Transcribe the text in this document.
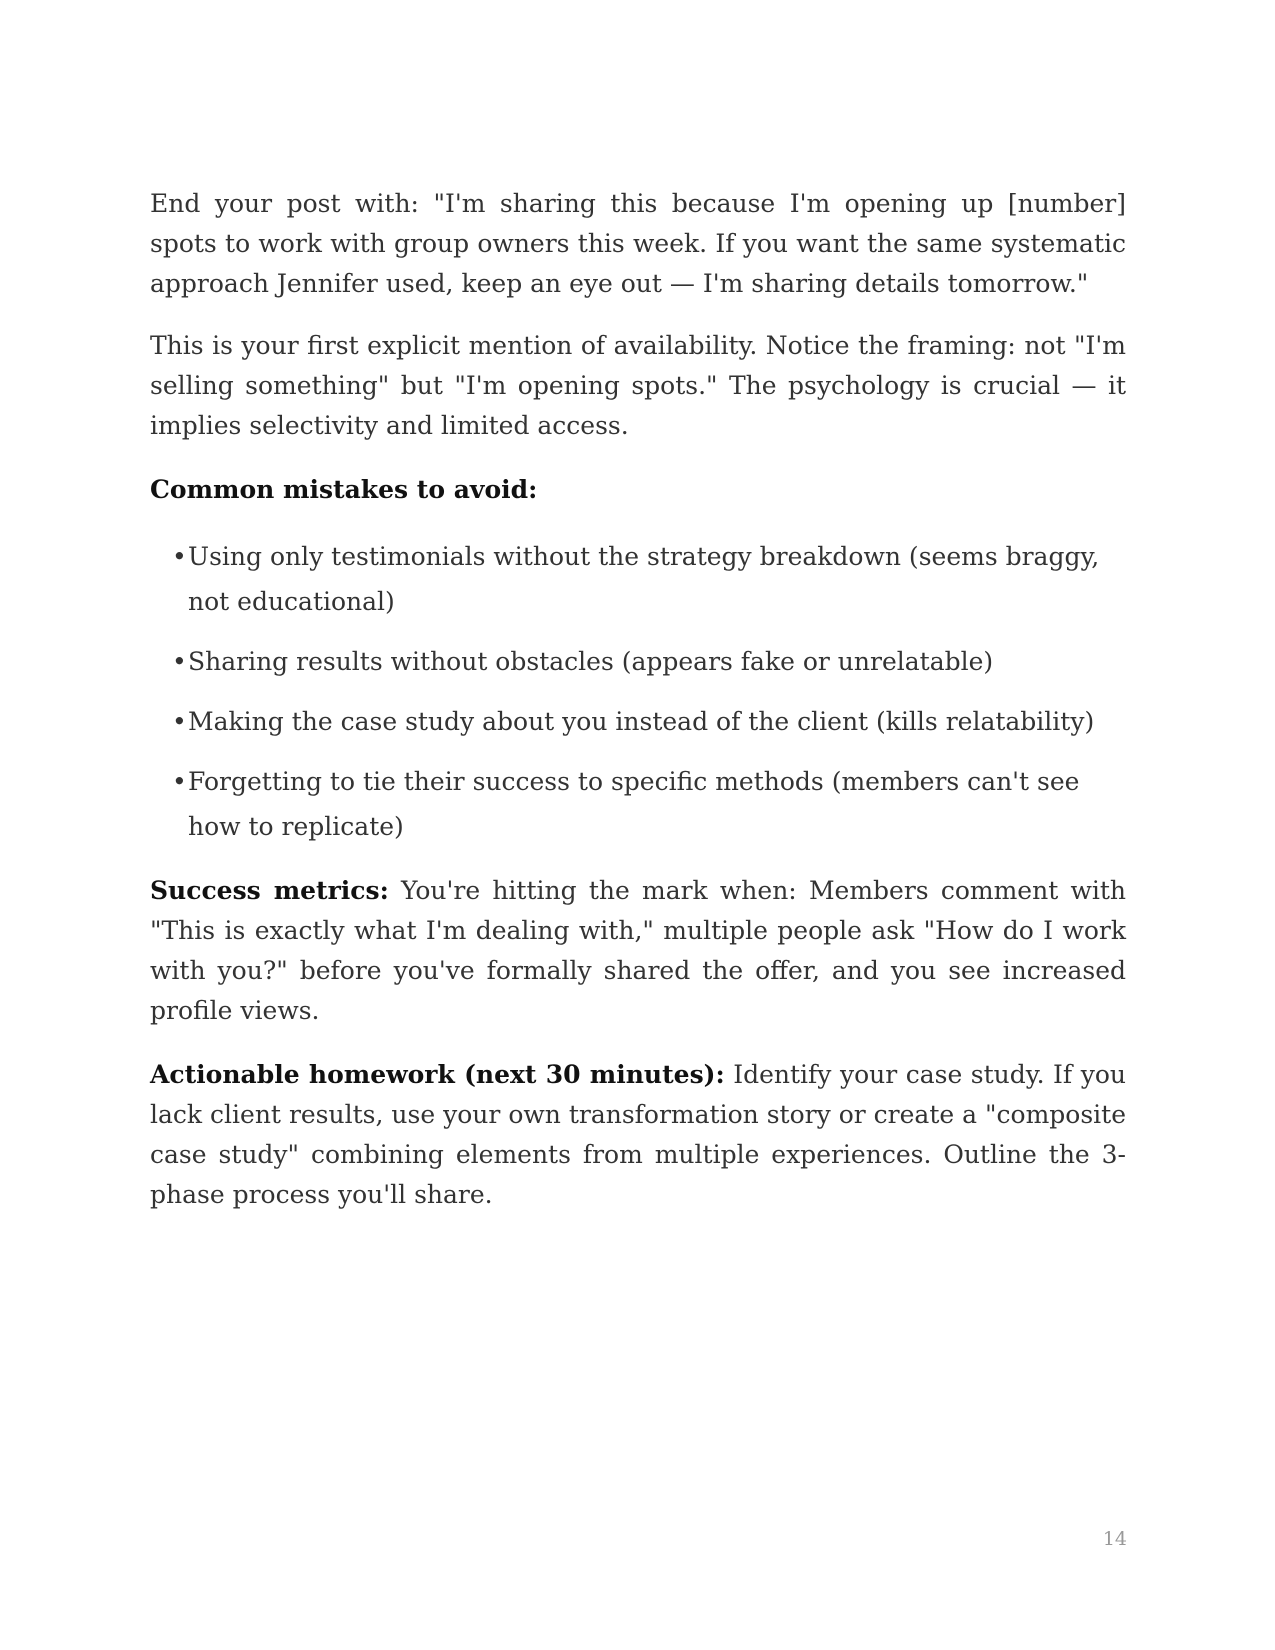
End your post with: "I'm sharing this because I'm opening up [number] spots to work with group owners this week. If you want the same systematic approach Jennifer used, keep an eye out — I'm sharing details tomorrow."

This is your first explicit mention of availability. Notice the framing: not "I'm selling something" but "I'm opening spots." The psychology is crucial — it implies selectivity and limited access.

Common mistakes to avoid:
• Using only testimonials without the strategy breakdown (seems braggy, not educational)
• Sharing results without obstacles (appears fake or unrelatable)
• Making the case study about you instead of the client (kills relatability)
• Forgetting to tie their success to specific methods (members can't see how to replicate)

Success metrics: You're hitting the mark when: Members comment with "This is exactly what I'm dealing with," multiple people ask "How do I work with you?" before you've formally shared the offer, and you see increased profile views.

Actionable homework (next 30 minutes): Identify your case study. If you lack client results, use your own transformation story or create a "composite case study" combining elements from multiple experiences. Outline the 3-phase process you'll share.

14
